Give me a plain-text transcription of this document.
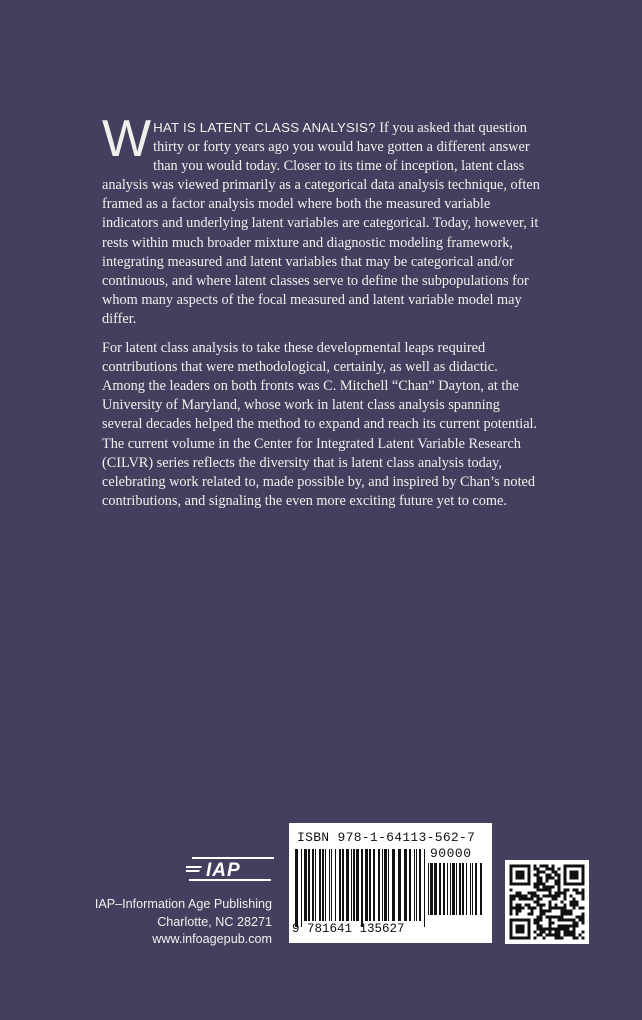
WHAT IS LATENT CLASS ANALYSIS? If you asked that question thirty or forty years ago you would have gotten a different answer than you would today. Closer to its time of inception, latent class analysis was viewed primarily as a categorical data analysis technique, often framed as a factor analysis model where both the measured variable indicators and underlying latent variables are categorical. Today, however, it rests within much broader mixture and diagnostic modeling framework, integrating measured and latent variables that may be categorical and/or continuous, and where latent classes serve to define the subpopulations for whom many aspects of the focal measured and latent variable model may differ.

For latent class analysis to take these developmental leaps required contributions that were methodological, certainly, as well as didactic. Among the leaders on both fronts was C. Mitchell “Chan” Dayton, at the University of Maryland, whose work in latent class analysis spanning several decades helped the method to expand and reach its current potential. The current volume in the Center for Integrated Latent Variable Research (CILVR) series reflects the diversity that is latent class analysis today, celebrating work related to, made possible by, and inspired by Chan’s noted contributions, and signaling the even more exciting future yet to come.

IAP
IAP–Information Age Publishing
Charlotte, NC 28271
www.infoagepub.com
ISBN 978-1-64113-562-7
90000
9 781641 135627
